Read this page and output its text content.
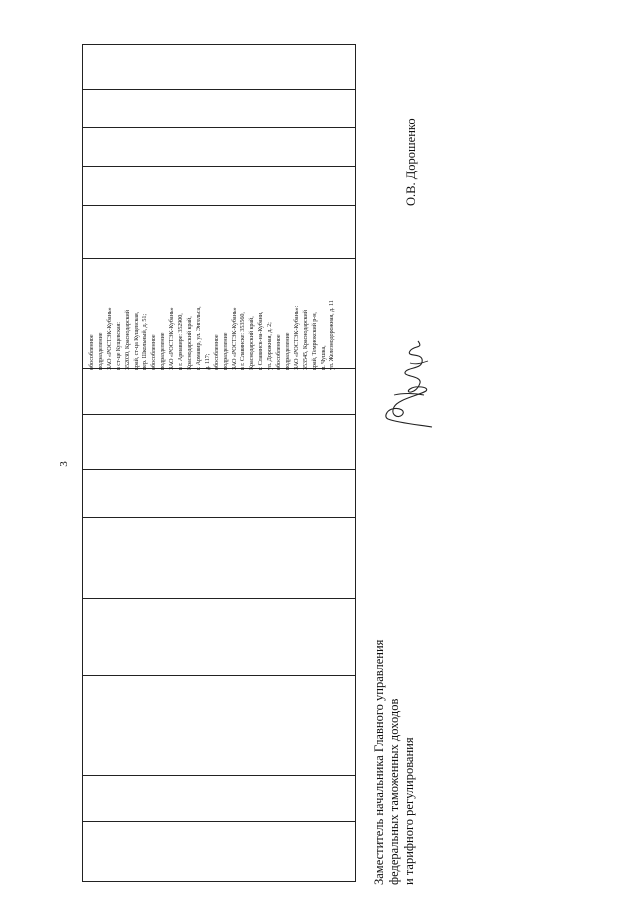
3
обособленное подразделение ЗАО «РОСТЭК-Кубань» в ст-це Кущевская: 352030, Краснодарский край, ст-ца Кущевская, пер. Школьный, д. 51; обособленное подразделение ЗАО «РОСТЭК-Кубань» в г. Армавире: 352900, Краснодарский край, г. Армавир, ул. Энгельса, д. 117; обособленное подразделение ЗАО «РОСТЭК-Кубань» в г. Славянске: 353560, Краснодарский край, г. Славянск-на-Кубани, ул. Дорожная, д. 2; обособленное подразделение ЗАО «РОСТЭК-Кубань»: 353545, Краснодарский край, Темрюкский р-н, п. Чушка, ул. Железнодорожная, д. 11
Заместитель начальника Главного управления федеральных таможенных доходов и тарифного регулирования
О.В. Дорошенко
